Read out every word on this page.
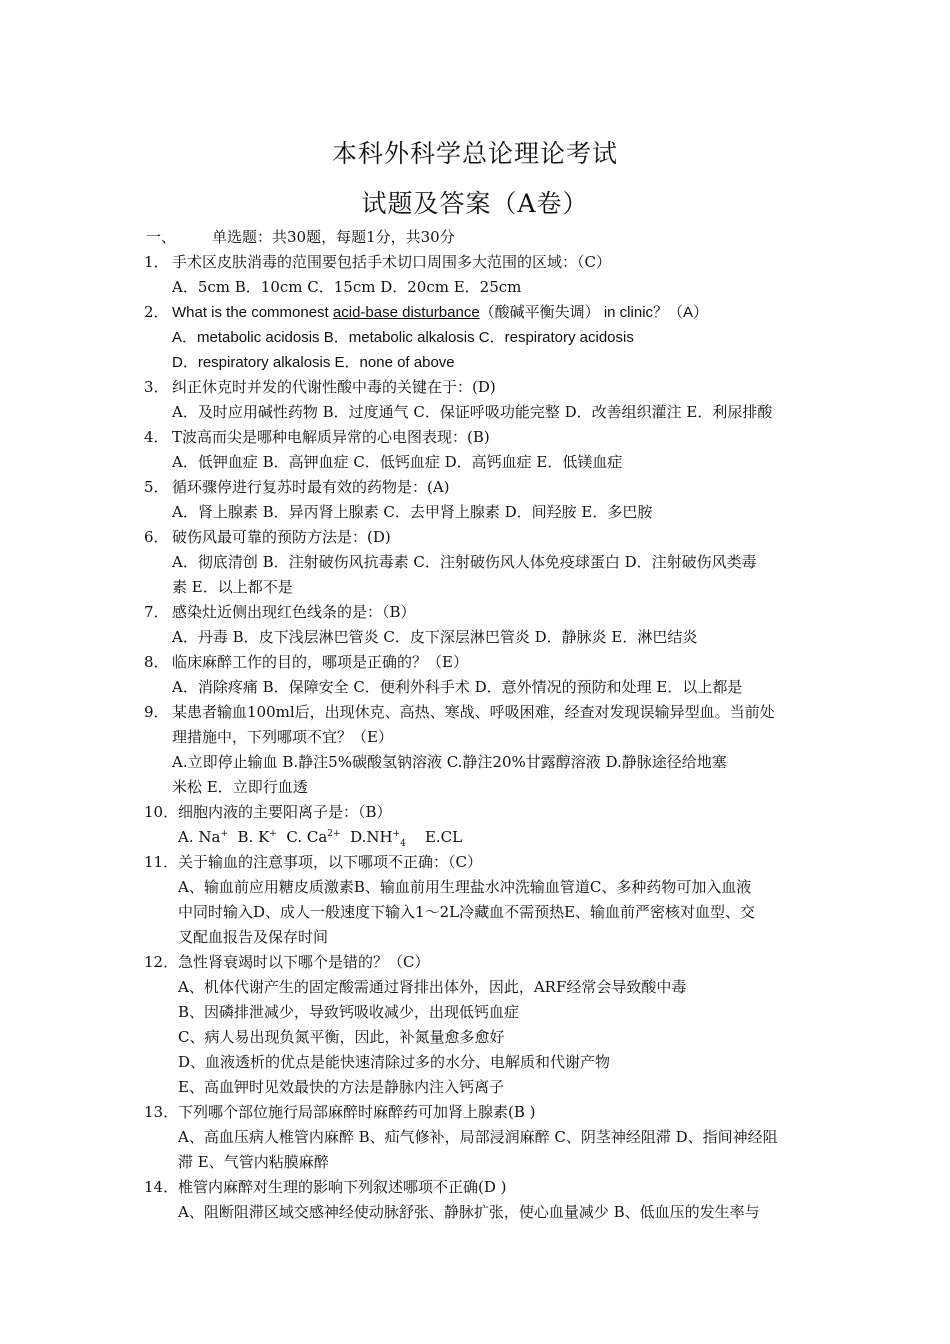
本科外科学总论理论考试
试题及答案（A卷）
一、 单选题：共30题，每题1分，共30分
1． 手术区皮肤消毒的范围要包括手术切口周围多大范围的区域：（C）
A．5cm B．10cm C．15cm D．20cm E．25cm
2． What is the commonest acid-base disturbance（酸碱平衡失调） in clinic？（A）
A．metabolic acidosis B．metabolic alkalosis C．respiratory acidosis
D．respiratory alkalosis E．none of above
3． 纠正休克时并发的代谢性酸中毒的关键在于：(D)
A．及时应用碱性药物 B．过度通气 C．保证呼吸功能完整 D．改善组织灌注 E．利尿排酸
4． T波高而尖是哪种电解质异常的心电图表现：(B)
A．低钾血症 B．高钾血症 C．低钙血症 D．高钙血症 E．低镁血症
5． 循环骤停进行复苏时最有效的药物是：(A)
A．肾上腺素 B．异丙肾上腺素 C．去甲肾上腺素 D．间羟胺 E．多巴胺
6． 破伤风最可靠的预防方法是：(D)
A．彻底清创 B．注射破伤风抗毒素 C．注射破伤风人体免疫球蛋白 D．注射破伤风类毒
素 E．以上都不是
7． 感染灶近侧出现红色线条的是：（B）
A．丹毒 B．皮下浅层淋巴管炎 C．皮下深层淋巴管炎 D．静脉炎 E．淋巴结炎
8． 临床麻醉工作的目的，哪项是正确的？（E）
A．消除疼痛 B．保障安全 C．便利外科手术 D．意外情况的预防和处理 E．以上都是
9． 某患者输血100ml后，出现休克、高热、寒战、呼吸困难，经查对发现误输异型血。当前处
理措施中，下列哪项不宜？（E）
A.立即停止输血 B.静注5%碳酸氢钠溶液 C.静注20%甘露醇溶液 D.静脉途径给地塞
米松 E．立即行血透
10． 细胞内液的主要阳离子是：（B）
A. Na+ B. K+ C. $Ca^{2+}$ $D.NH^+_4$ E.CL
11． 关于输血的注意事项，以下哪项不正确：（C）
A、输血前应用糖皮质激素B、输血前用生理盐水冲洗输血管道C、多种药物可加入血液
中同时输入D、成人一般速度下输入1～2L冷藏血不需预热E、输血前严密核对血型、交
叉配血报告及保存时间
12． 急性肾衰竭时以下哪个是错的？（C）
A、机体代谢产生的固定酸需通过肾排出体外，因此，ARF经常会导致酸中毒
B、因磷排泄减少，导致钙吸收减少，出现低钙血症
C、病人易出现负氮平衡，因此，补氮量愈多愈好
D、血液透析的优点是能快速清除过多的水分、电解质和代谢产物
E、高血钾时见效最快的方法是静脉内注入钙离子
13． 下列哪个部位施行局部麻醉时麻醉药可加肾上腺素(B )
A、高血压病人椎管内麻醉 B、疝气修补，局部浸润麻醉 C、阴茎神经阻滞 D、指间神经阻
滞 E、气管内粘膜麻醉
14． 椎管内麻醉对生理的影响下列叙述哪项不正确(D )
A、阻断阻滞区域交感神经使动脉舒张、静脉扩张，使心血量减少 B、低血压的发生率与
